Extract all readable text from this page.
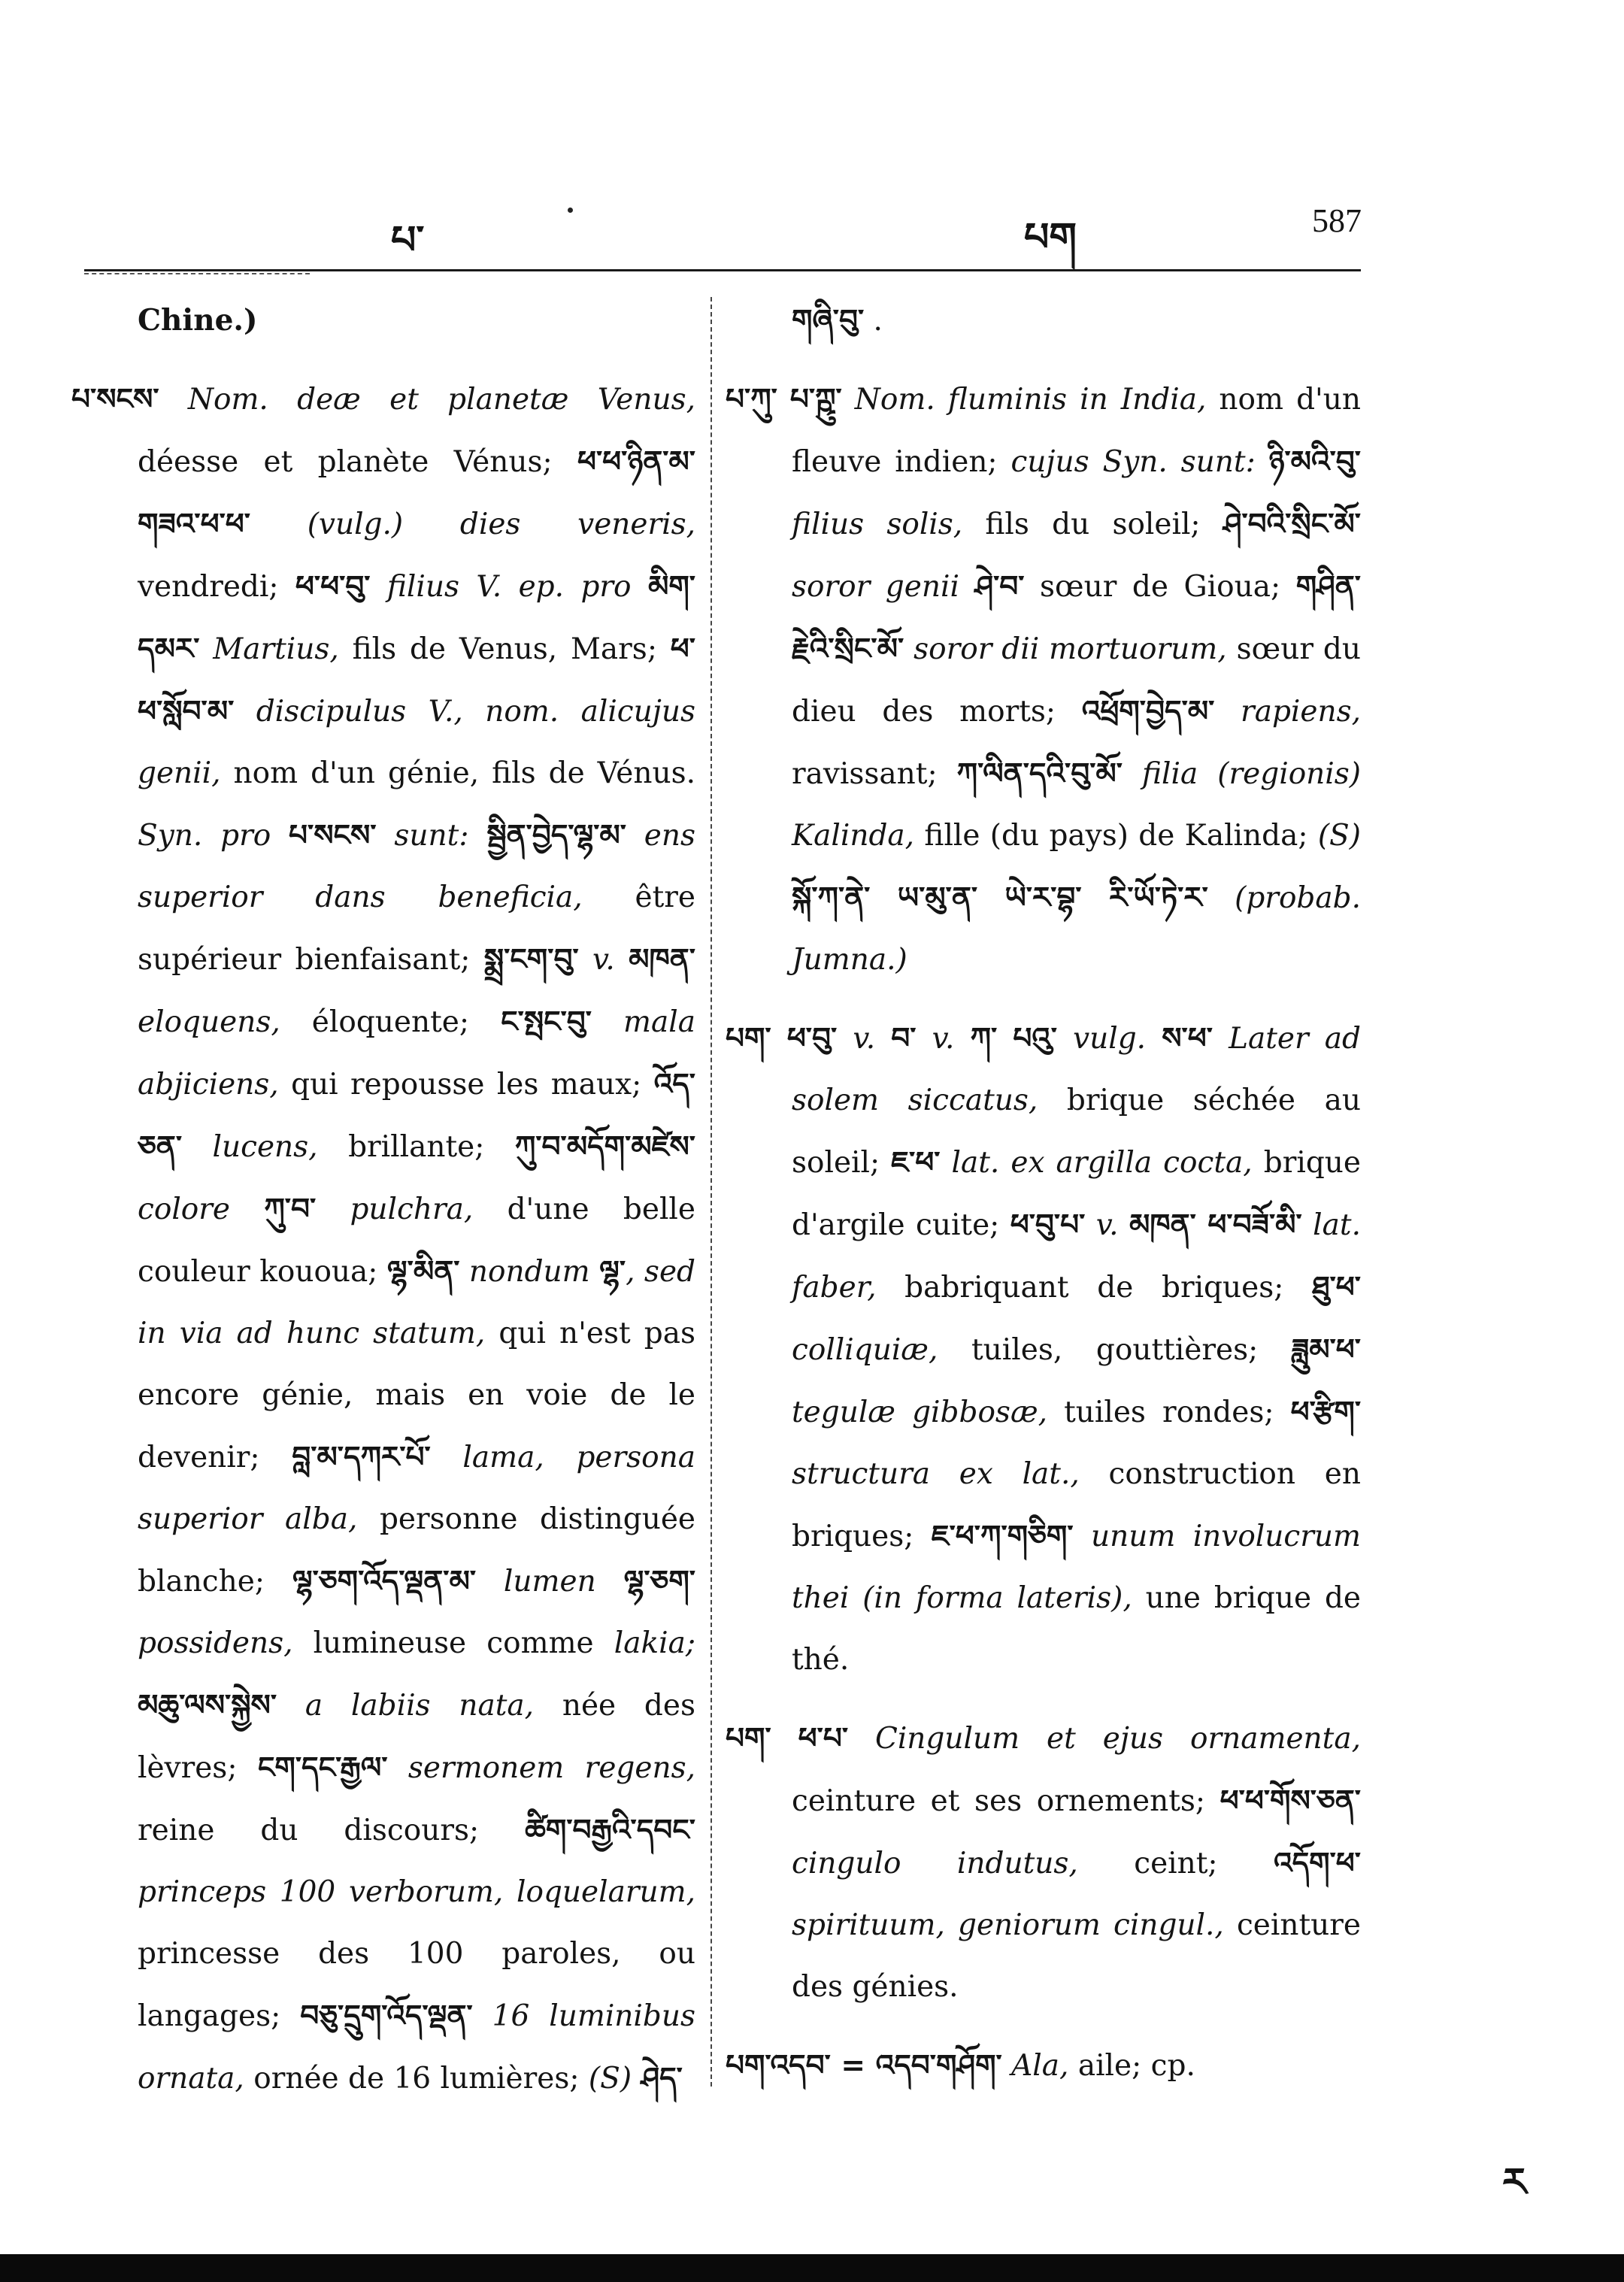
པ་	པག	587

Chine.)

པ་སངས་ Nom. deæ et planetæ Venus, déesse et planète Vénus; ཕ་ཕ་ཉིན་མ་ གཟའ་ཕ་ཕ་ (vulg.) dies veneris, vendredi; ཕ་ཕ་བུ་ filius V. ep. pro མིག་དམར་ Martius, fils de Venus, Mars; ཕ་ཕ་སློབ་མ་ discipulus V., nom. alicujus genii, nom d'un génie, fils de Vénus. Syn. pro པ་སངས་ sunt: སྦྱིན་བྱེད་ལྷ་མ་ ens superior dans beneficia, être supérieur bienfaisant; སྨྲ་ངག་བུ་ v. མཁན་ eloquens, éloquente; ང་སྤང་བུ་ mala abjiciens, qui repousse les maux; འོད་ཅན་ lucens, brillante; ཀུ་བ་མདོག་མཛེས་ colore ཀུ་བ་ pulchra, d'une belle couleur kououa; ལྷ་མིན་ nondum ལྷ་, sed in via ad hunc statum, qui n'est pas encore génie, mais en voie de le devenir; བླ་མ་དཀར་པོ་ lama, persona superior alba, personne distinguée blanche; ལྷ་ཅག་འོད་ལྡན་མ་ lumen ལྷ་ཅག་ possidens, lumineuse comme lakia; མཆུ་ལས་སྐྱེས་ a labiis nata, née des lèvres; ངག་དང་རྒྱལ་ sermonem regens, reine du discours; ཚིག་བརྒྱའི་དབང་ princeps 100 verborum, loquelarum, princesse des 100 paroles, ou langages; བཅུ་དྲུག་འོད་ལྡན་ 16 luminibus ornata, ornée de 16 lumières; (S) ཤེད་

གཞི་བུ་ .

པ་ཀུ་ པ་ཀྵུ་ Nom. fluminis in India, nom d'un fleuve indien; cujus Syn. sunt: ཉི་མའི་བུ་ filius solis, fils du soleil; ཤེ་བའི་སྲིང་མོ་ soror genii ཤེ་བ་ sœur de Gioua; གཤིན་རྗེའི་སྲིང་མོ་ soror dii mortuorum, sœur du dieu des morts; འཕྲོག་བྱེད་མ་ rapiens, ravissant; ཀ་ལིན་དའི་བུ་མོ་ filia (regionis) Kalinda, fille (du pays) de Kalinda; (S) སྐོ་ཀ་ནེ་ ཡ་མུ་ན་ ཡེ་ར་བྷ་ ཪི་ཡོ་ཏེ་ར་ (probab. Jumna.)

པག་ ཕ་བུ་ v. བ་ v. ཀ་ པའུ་ vulg. ས་ཕ་ Later ad solem siccatus, brique séchée au soleil; ཇ་ཕ་ lat. ex argilla cocta, brique d'argile cuite; ཕ་བུ་པ་ v. མཁན་ ཕ་བཟོ་མི་ lat. faber, babriquant de briques; ཐུ་ཕ་ colliquiæ, tuiles, gouttières; ཟླུམ་ཕ་ tegulæ gibbosæ, tuiles rondes; ཕ་རྩིག་ structura ex lat., construction en briques; ཇ་ཕ་ཀ་གཅིག་ unum involucrum thei (in forma lateris), une brique de thé.

པག་ ཕ་པ་ Cingulum et ejus ornamenta, ceinture et ses ornements; ཕ་ཕ་གོས་ཅན་ cingulo indutus, ceint; འདོག་ཕ་ spirituum, geniorum cingul., ceinture des génies.

པག་འདབ་ = འདབ་གཤོག་ Ala, aile; cp.

ཪ
